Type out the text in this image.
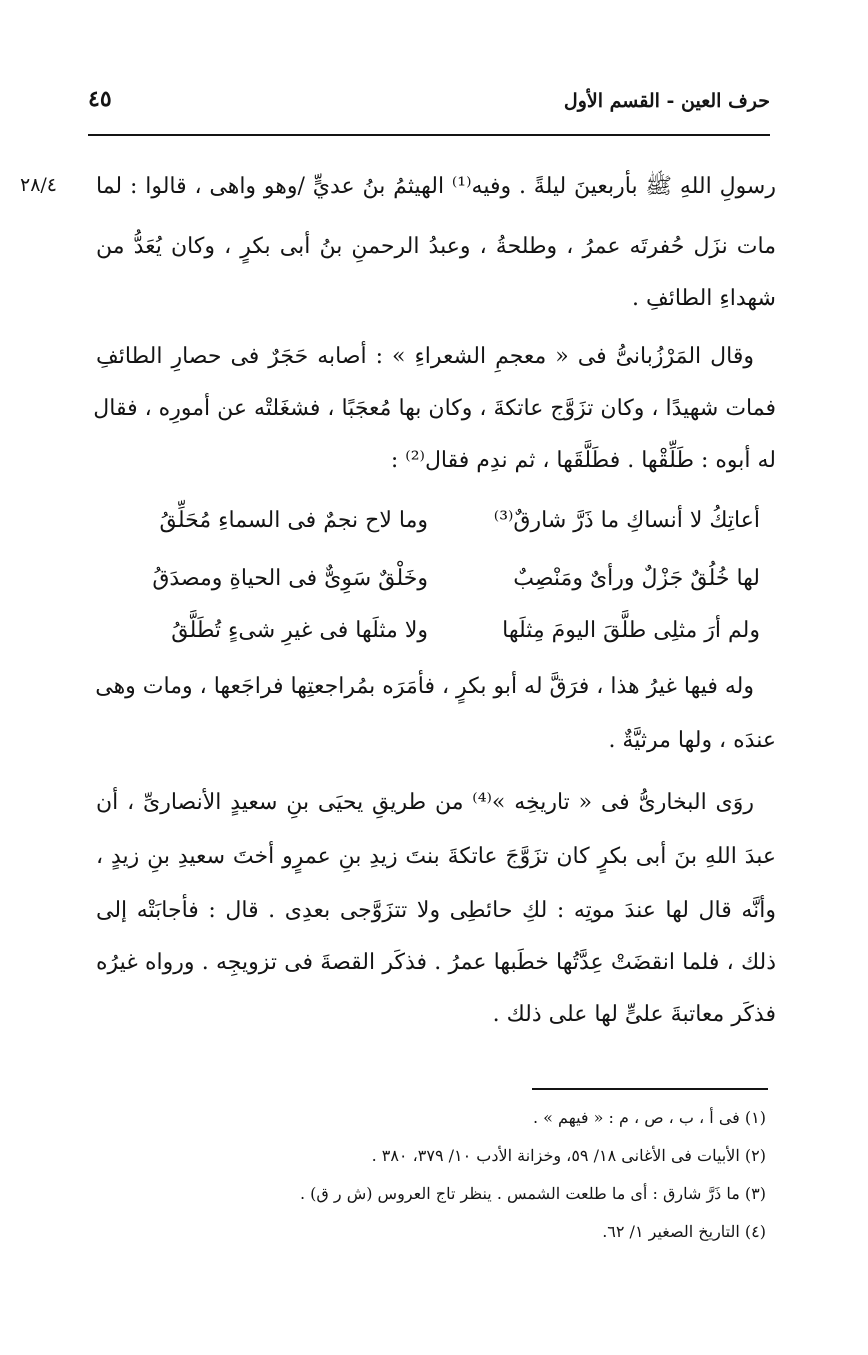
٤٥	حرف العين - القسم الأول
٢٨/٤ رسولِ اللهِ ﷺ بأربعينَ ليلةً . وفيه⁽¹⁾ الهيثمُ بنُ عديٍّ /وهو واهى ، قالوا : لما
مات نزَل حُفرتَه عمرُ ، وطلحةُ ، وعبدُ الرحمنِ بنُ أبى بكرٍ ، وكان يُعَدُّ من
شهداءِ الطائفِ .
وقال المَرْزُبانىُّ فى « معجمِ الشعراءِ » : أصابه حَجَرٌ فى حصارِ الطائفِ
فمات شهيدًا ، وكان تزَوَّج عاتكةَ ، وكان بها مُعجَبًا ، فشغَلتْه عن أمورِه ، فقال
له أبوه : طَلِّقْها . فطَلَّقَها ، ثم ندِم فقال⁽²⁾ :
أعاتِكُ لا أنساكِ ما ذَرَّ شارقٌ⁽³⁾
وما لاح نجمٌ فى السماءِ مُحَلِّقُ
لها خُلُقٌ جَزْلٌ ورأىٌ ومَنْصِبٌ
وخَلْقٌ سَوِىٌّ فى الحياةِ ومصدَقُ
ولم أرَ مثلِى طلَّقَ اليومَ مِثلَها
ولا مثلَها فى غيرِ شىءٍ تُطَلَّقُ
وله فيها غيرُ هذا ، فرَقَّ له أبو بكرٍ ، فأمَرَه بمُراجعتِها فراجَعها ، ومات وهى
عندَه ، ولها مرثيَّةٌ .
روَى البخارىُّ فى « تاريخِه »⁽⁴⁾ من طريقِ يحيَى بنِ سعيدٍ الأنصارىِّ ، أن
عبدَ اللهِ بنَ أبى بكرٍ كان تزَوَّجَ عاتكةَ بنتَ زيدِ بنِ عمرٍو أختَ سعيدِ بنِ زيدٍ ،
وأنَّه قال لها عندَ موتِه : لكِ حائطِى ولا تتزَوَّجى بعدِى . قال : فأجابَتْه إلى
ذلك ، فلما انقضَتْ عِدَّتُها خطَبها عمرُ . فذكَر القصةَ فى تزويجِه . ورواه غيرُه
فذكَر معاتبةَ علىٍّ لها على ذلك .
(١) فى أ ، ب ، ص ، م : « فيهم » .
(٢) الأبيات فى الأغانى ١٨/ ٥٩، وخزانة الأدب ١٠/ ٣٧٩، ٣٨٠ .
(٣) ما ذَرَّ شارق : أى ما طلعت الشمس . ينظر تاج العروس (ش ر ق) .
(٤) التاريخ الصغير ١/ ٦٢.
